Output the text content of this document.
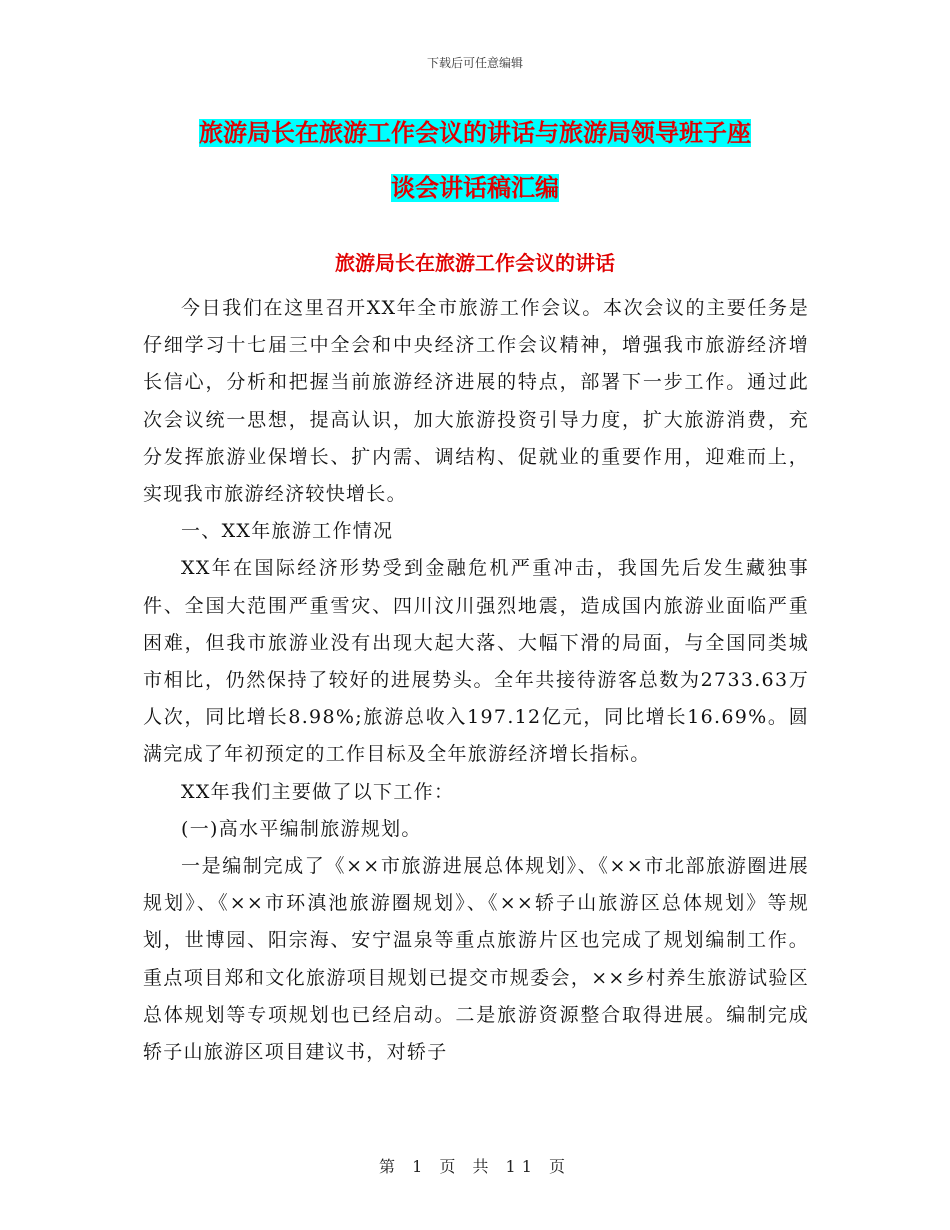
下载后可任意编辑
旅游局长在旅游工作会议的讲话与旅游局领导班子座
谈会讲话稿汇编
旅游局长在旅游工作会议的讲话

今日我们在这里召开XX年全市旅游工作会议。本次会议的主要任务是仔细学习十七届三中全会和中央经济工作会议精神，增强我市旅游经济增长信心，分析和把握当前旅游经济进展的特点，部署下一步工作。通过此次会议统一思想，提高认识，加大旅游投资引导力度，扩大旅游消费，充分发挥旅游业保增长、扩内需、调结构、促就业的重要作用，迎难而上，实现我市旅游经济较快增长。

一、XX年旅游工作情况

XX年在国际经济形势受到金融危机严重冲击，我国先后发生藏独事件、全国大范围严重雪灾、四川汶川强烈地震，造成国内旅游业面临严重困难，但我市旅游业没有出现大起大落、大幅下滑的局面，与全国同类城市相比，仍然保持了较好的进展势头。全年共接待游客总数为2733.63万人次，同比增长8.98%;旅游总收入197.12亿元，同比增长16.69%。圆满完成了年初预定的工作目标及全年旅游经济增长指标。

XX年我们主要做了以下工作：

(一)高水平编制旅游规划。

一是编制完成了《××市旅游进展总体规划》、《××市北部旅游圈进展规划》、《××市环滇池旅游圈规划》、《××轿子山旅游区总体规划》等规划，世博园、阳宗海、安宁温泉等重点旅游片区也完成了规划编制工作。重点项目郑和文化旅游项目规划已提交市规委会，××乡村养生旅游试验区总体规划等专项规划也已经启动。二是旅游资源整合取得进展。编制完成轿子山旅游区项目建议书，对轿子

第 1 页 共 11 页
